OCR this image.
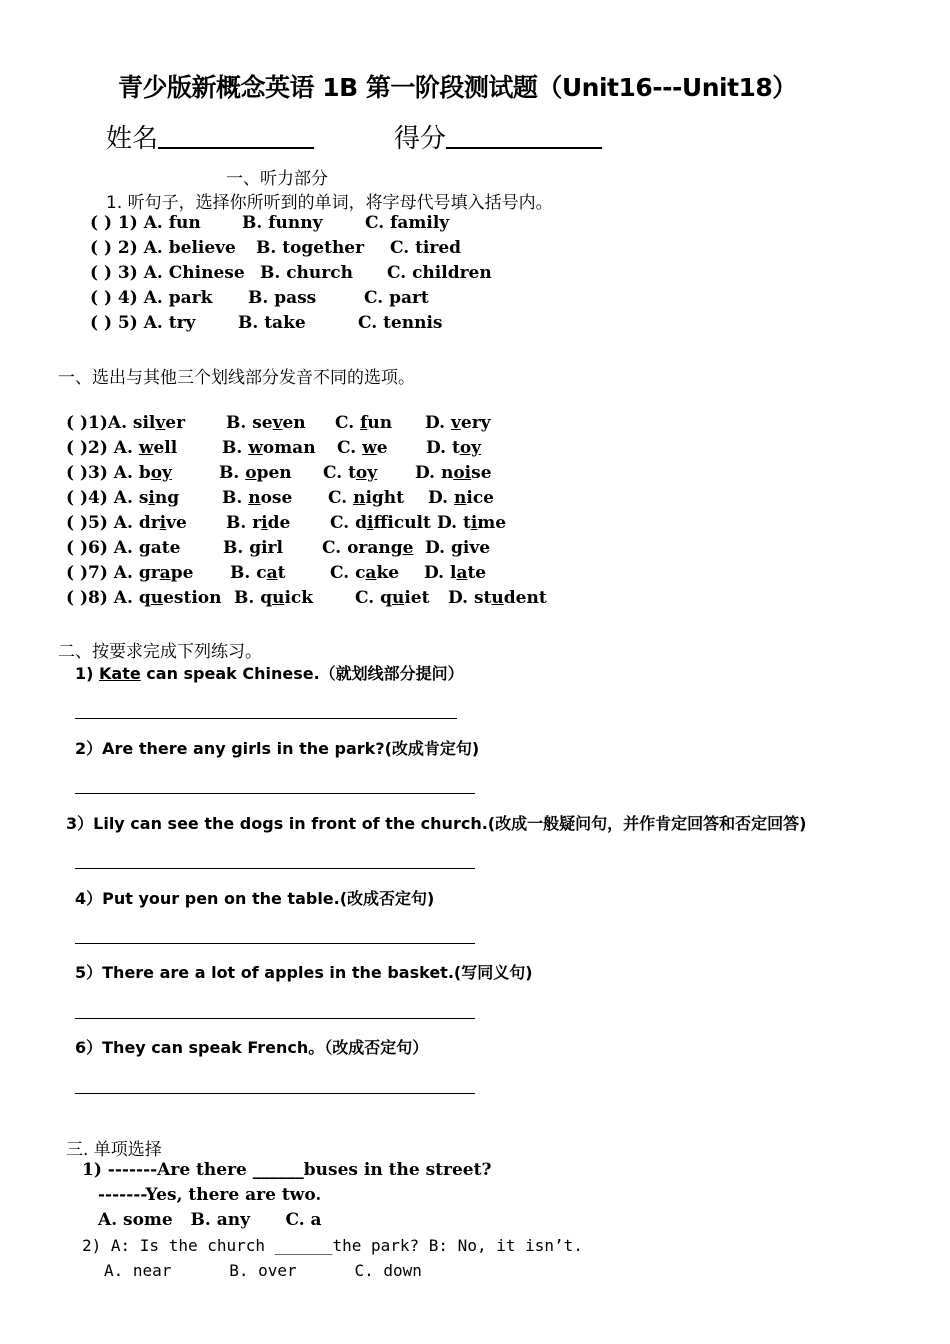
青少版新概念英语 1B 第一阶段测试题（Unit16---Unit18）
姓名	得分
一、听力部分
1. 听句子，选择你所听到的单词，将字母代号填入括号内。
( ) 1) A. fun B. funny	C. family
( ) 2) A. believe B. together C. tired
( ) 3) A. Chinese B. church C. children
( ) 4) A. park B. pass	C. part
( ) 5) A. try	B. take	C. tennis
一、选出与其他三个划线部分发音不同的选项。
( )1)A. silver B. seven C. fun D. very
( )2) A. well	B. woman C. we D. toy
( )3) A. boy	B. open C. toy D. noise
( )4) A. sing	B. nose C. night D. nice
( )5) A. drive B. ride C. difficult D. time
( )6) A. gate	B. girl C. orange D. give
( )7) A. grape B. cat	C. cake D. late
( )8) A. question B. quick C. quiet D. student
二、按要求完成下列练习。
1) Kate can speak Chinese.（就划线部分提问）
2）Are there any girls in the park?(改成肯定句)
3）Lily can see the dogs in front of the church.(改成一般疑问句，并作肯定回答和否定回答)
4）Put your pen on the table.(改成否定句)
5）There are a lot of apples in the basket.(写同义句)
6）They can speak French。（改成否定句）
三. 单项选择
1) -------Are there ______buses in the street?
-------Yes, there are two.
A. some   B. any      C. a
2) A: Is the church ______the park? B: No, it isn’t.
A. near      B. over      C. down
